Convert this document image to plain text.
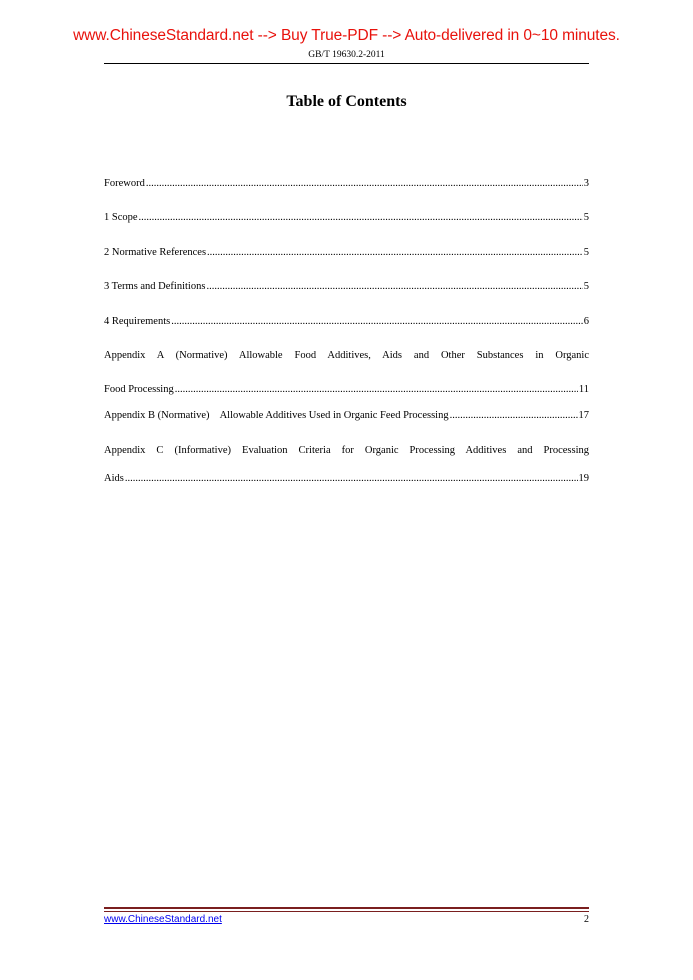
www.ChineseStandard.net --> Buy True-PDF --> Auto-delivered in 0~10 minutes.
GB/T 19630.2-2011
Table of Contents
Foreword .....	3
1 Scope .....	5
2 Normative References .....	5
3 Terms and Definitions .....	5
4 Requirements .....	6
Appendix A (Normative) Allowable Food Additives, Aids and Other Substances in Organic
Food Processing .....	11
Appendix B (Normative) Allowable Additives Used in Organic Feed Processing .....	17
Appendix C (Informative) Evaluation Criteria for Organic Processing Additives and Processing
Aids .....	19
www.ChineseStandard.net	2
